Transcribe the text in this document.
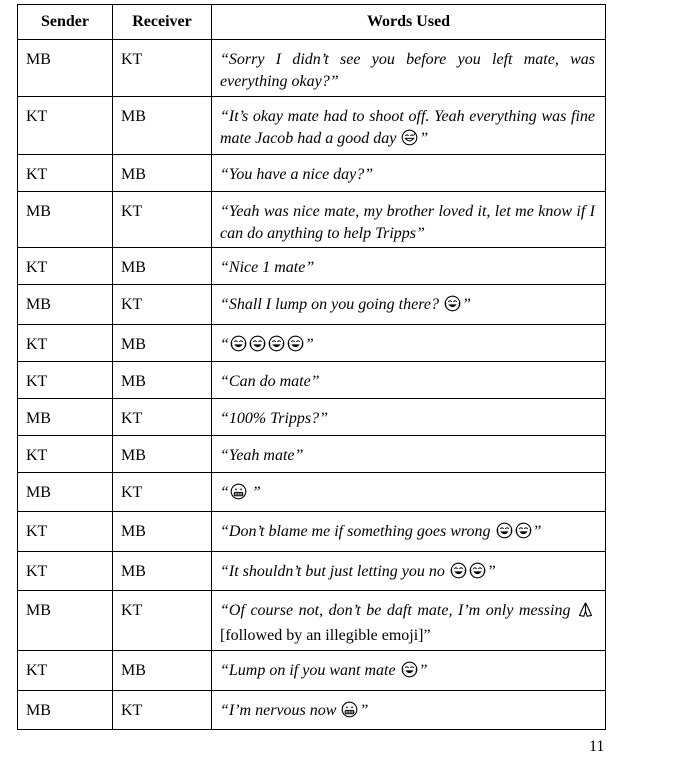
Sender	Receiver	Words Used
MB	KT	“Sorry I didn’t see you before you left mate, was everything okay?”
KT	MB	“It’s okay mate had to shoot off. Yeah everything was fine mate Jacob had a good day ”
KT	MB	“You have a nice day?”
MB	KT	“Yeah was nice mate, my brother loved it, let me know if I can do anything to help Tripps”
KT	MB	“Nice 1 mate”
MB	KT	“Shall I lump on you going there? ”
KT	MB	“ ”
KT	MB	“Can do mate”
MB	KT	“100% Tripps?”
KT	MB	“Yeah mate”
MB	KT	“ ”
KT	MB	“Don’t blame me if something goes wrong ”
KT	MB	“It shouldn’t but just letting you no ”
MB	KT	“Of course not, don’t be daft mate, I’m only messing  [followed by an illegible emoji]”
KT	MB	“Lump on if you want mate ”
MB	KT	“I’m nervous now ”
11
